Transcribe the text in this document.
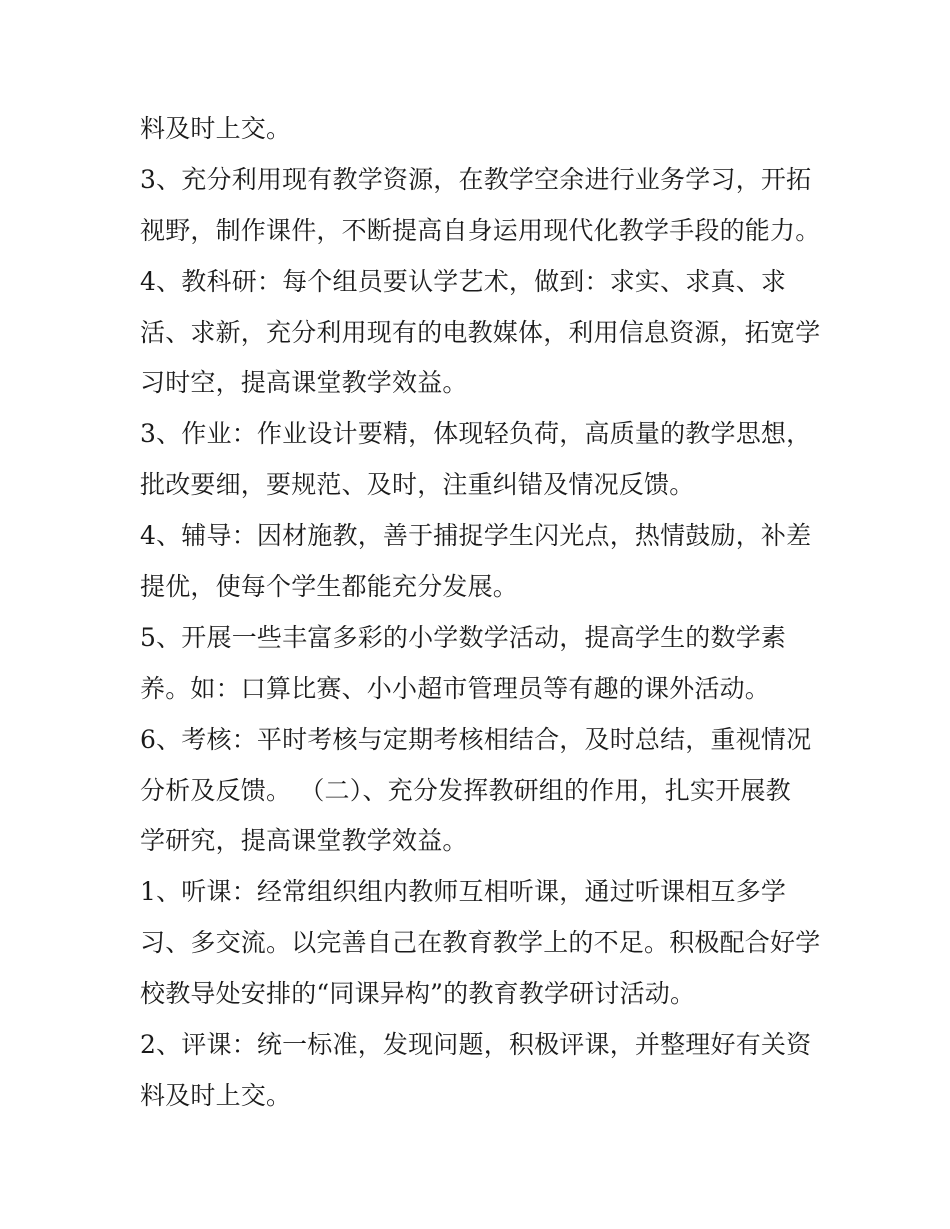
料及时上交。
3、充分利用现有教学资源，在教学空余进行业务学习，开拓
视野，制作课件，不断提高自身运用现代化教学手段的能力。
4、教科研：每个组员要认学艺术，做到：求实、求真、求
活、求新，充分利用现有的电教媒体，利用信息资源，拓宽学
习时空，提高课堂教学效益。
3、作业：作业设计要精，体现轻负荷，高质量的教学思想，
批改要细，要规范、及时，注重纠错及情况反馈。
4、辅导：因材施教，善于捕捉学生闪光点，热情鼓励，补差
提优，使每个学生都能充分发展。
5、开展一些丰富多彩的小学数学活动，提高学生的数学素
养。如：口算比赛、小小超市管理员等有趣的课外活动。
6、考核：平时考核与定期考核相结合，及时总结，重视情况
分析及反馈。 （二）、充分发挥教研组的作用，扎实开展教
学研究，提高课堂教学效益。
1、听课：经常组织组内教师互相听课，通过听课相互多学
习、多交流。以完善自己在教育教学上的不足。积极配合好学
校教导处安排的“同课异构”的教育教学研讨活动。
2、评课：统一标准，发现问题，积极评课，并整理好有关资
料及时上交。
